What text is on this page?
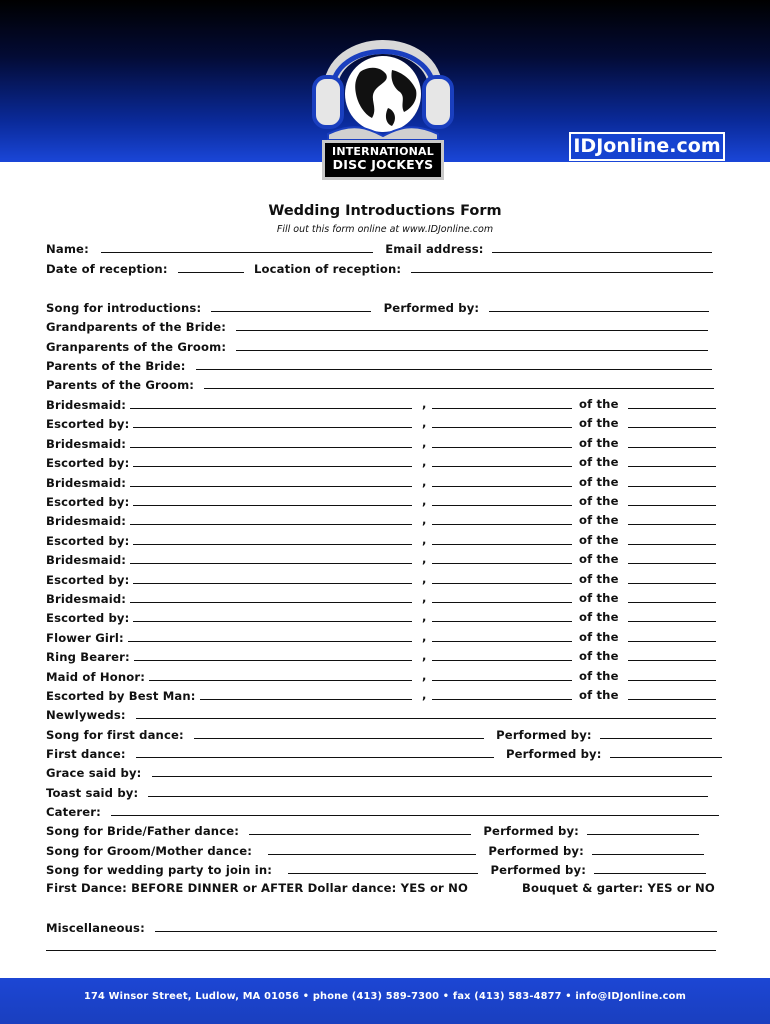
INTERNATIONAL
DISC JOCKEYS
IDJonline.com
Wedding Introductions Form
Fill out this form online at www.IDJonline.com
Name:	Email address:
Date of reception:	Location of reception:
Song for introductions:	Performed by:
Grandparents of the Bride:
Granparents of the Groom:
Parents of the Bride:
Parents of the Groom:
Bridesmaid:	,	of the
Escorted by:	,	of the
Bridesmaid:	,	of the
Escorted by:	,	of the
Bridesmaid:	,	of the
Escorted by:	,	of the
Bridesmaid:	,	of the
Escorted by:	,	of the
Bridesmaid:	,	of the
Escorted by:	,	of the
Bridesmaid:	,	of the
Escorted by:	,	of the
Flower Girl:	,	of the
Ring Bearer:	,	of the
Maid of Honor:	,	of the
Escorted by Best Man:	,	of the
Newlyweds:
Song for first dance:	Performed by:
First dance:	Performed by:
Grace said by:
Toast said by:
Caterer:
Song for Bride/Father dance:	Performed by:
Song for Groom/Mother dance:	Performed by:
Song for wedding party to join in:	Performed by:
First Dance: BEFORE DINNER or AFTER Dollar dance: YES or NO	Bouquet & garter: YES or NO
Miscellaneous:
174 Winsor Street, Ludlow, MA 01056 • phone (413) 589-7300 • fax (413) 583-4877 • info@IDJonline.com
